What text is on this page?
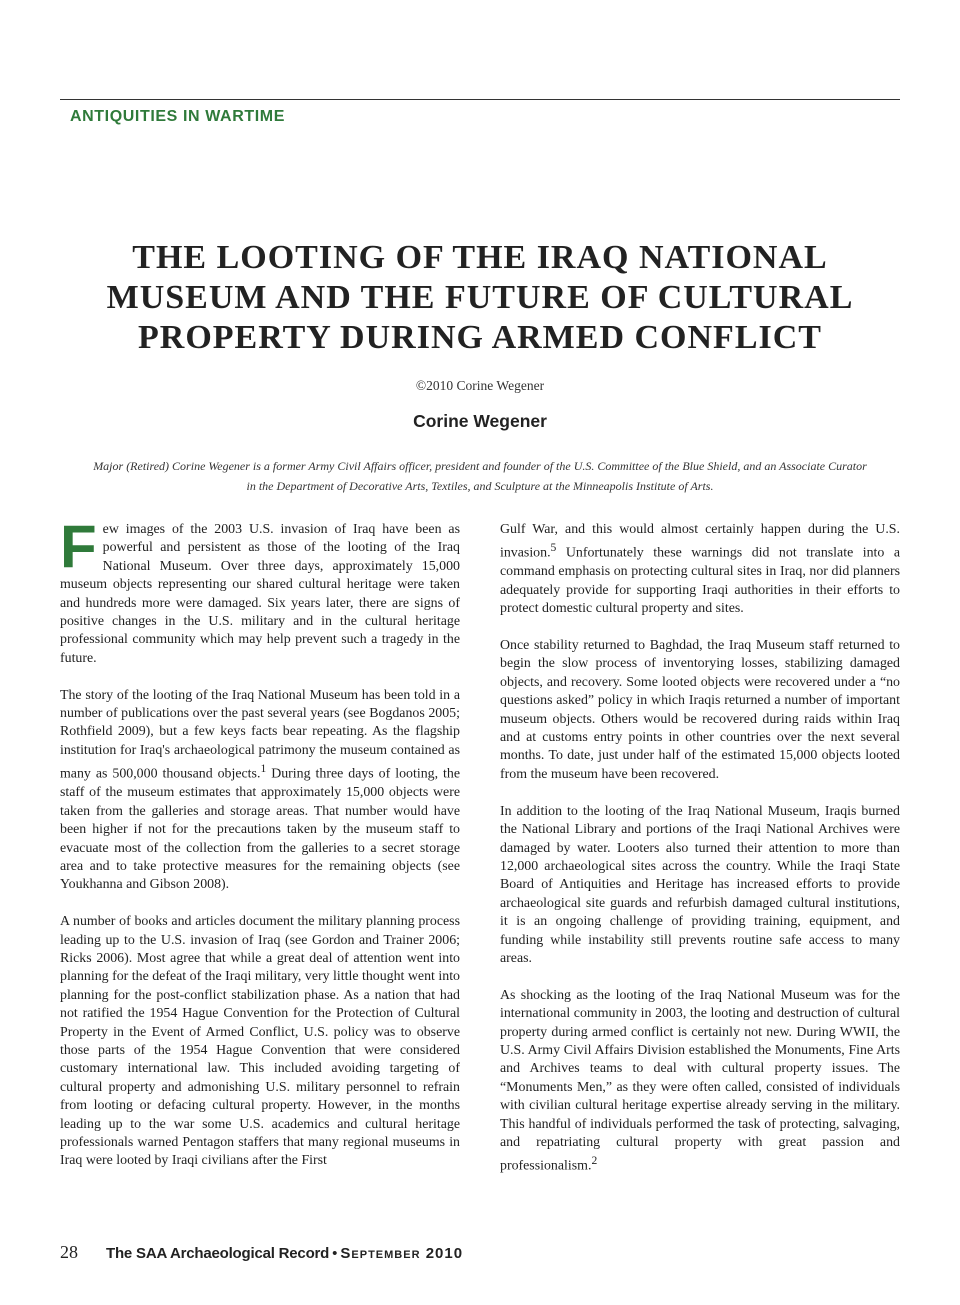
ANTIQUITIES IN WARTIME
THE LOOTING OF THE IRAQ NATIONAL MUSEUM AND THE FUTURE OF CULTURAL PROPERTY DURING ARMED CONFLICT
©2010 Corine Wegener
Corine Wegener

Major (Retired) Corine Wegener is a former Army Civil Affairs officer, president and founder of the U.S. Committee of the Blue Shield, and an Associate Curator in the Department of Decorative Arts, Textiles, and Sculpture at the Minneapolis Institute of Arts.

Few images of the 2003 U.S. invasion of Iraq have been as powerful and persistent as those of the looting of the Iraq National Museum. Over three days, approximately 15,000 museum objects representing our shared cultural heritage were taken and hundreds more were damaged. Six years later, there are signs of positive changes in the U.S. military and in the cultural heritage professional community which may help prevent such a tragedy in the future.

The story of the looting of the Iraq National Museum has been told in a number of publications over the past several years (see Bogdanos 2005; Rothfield 2009), but a few keys facts bear repeating. As the flagship institution for Iraq's archaeological patrimony the museum contained as many as 500,000 thousand objects.$^1$ During three days of looting, the staff of the museum estimates that approximately 15,000 objects were taken from the galleries and storage areas. That number would have been higher if not for the precautions taken by the museum staff to evacuate most of the collection from the galleries to a secret storage area and to take protective measures for the remaining objects (see Youkhanna and Gibson 2008).

A number of books and articles document the military planning process leading up to the U.S. invasion of Iraq (see Gordon and Trainer 2006; Ricks 2006). Most agree that while a great deal of attention went into planning for the defeat of the Iraqi military, very little thought went into planning for the post-conflict stabilization phase. As a nation that had not ratified the 1954 Hague Convention for the Protection of Cultural Property in the Event of Armed Conflict, U.S. policy was to observe those parts of the 1954 Hague Convention that were considered customary international law. This included avoiding targeting of cultural property and admonishing U.S. military personnel to refrain from looting or defacing cultural property. However, in the months leading up to the war some U.S. academics and cultural heritage professionals warned Pentagon staffers that many regional museums in Iraq were looted by Iraqi civilians after the First

Gulf War, and this would almost certainly happen during the U.S. invasion.$^5$ Unfortunately these warnings did not translate into a command emphasis on protecting cultural sites in Iraq, nor did planners adequately provide for supporting Iraqi authorities in their efforts to protect domestic cultural property and sites.

Once stability returned to Baghdad, the Iraq Museum staff returned to begin the slow process of inventorying losses, stabilizing damaged objects, and recovery. Some looted objects were recovered under a “no questions asked” policy in which Iraqis returned a number of important museum objects. Others would be recovered during raids within Iraq and at customs entry points in other countries over the next several months. To date, just under half of the estimated 15,000 objects looted from the museum have been recovered.

In addition to the looting of the Iraq National Museum, Iraqis burned the National Library and portions of the Iraqi National Archives were damaged by water. Looters also turned their attention to more than 12,000 archaeological sites across the country. While the Iraqi State Board of Antiquities and Heritage has increased efforts to provide archaeological site guards and refurbish damaged cultural institutions, it is an ongoing challenge of providing training, equipment, and funding while instability still prevents routine safe access to many areas.

As shocking as the looting of the Iraq National Museum was for the international community in 2003, the looting and destruction of cultural property during armed conflict is certainly not new. During WWII, the U.S. Army Civil Affairs Division established the Monuments, Fine Arts and Archives teams to deal with cultural property issues. The “Monuments Men,” as they were often called, consisted of individuals with civilian cultural heritage expertise already serving in the military. This handful of individuals performed the task of protecting, salvaging, and repatriating cultural property with great passion and professionalism.$^2$

28 The SAA Archaeological Record • September 2010
